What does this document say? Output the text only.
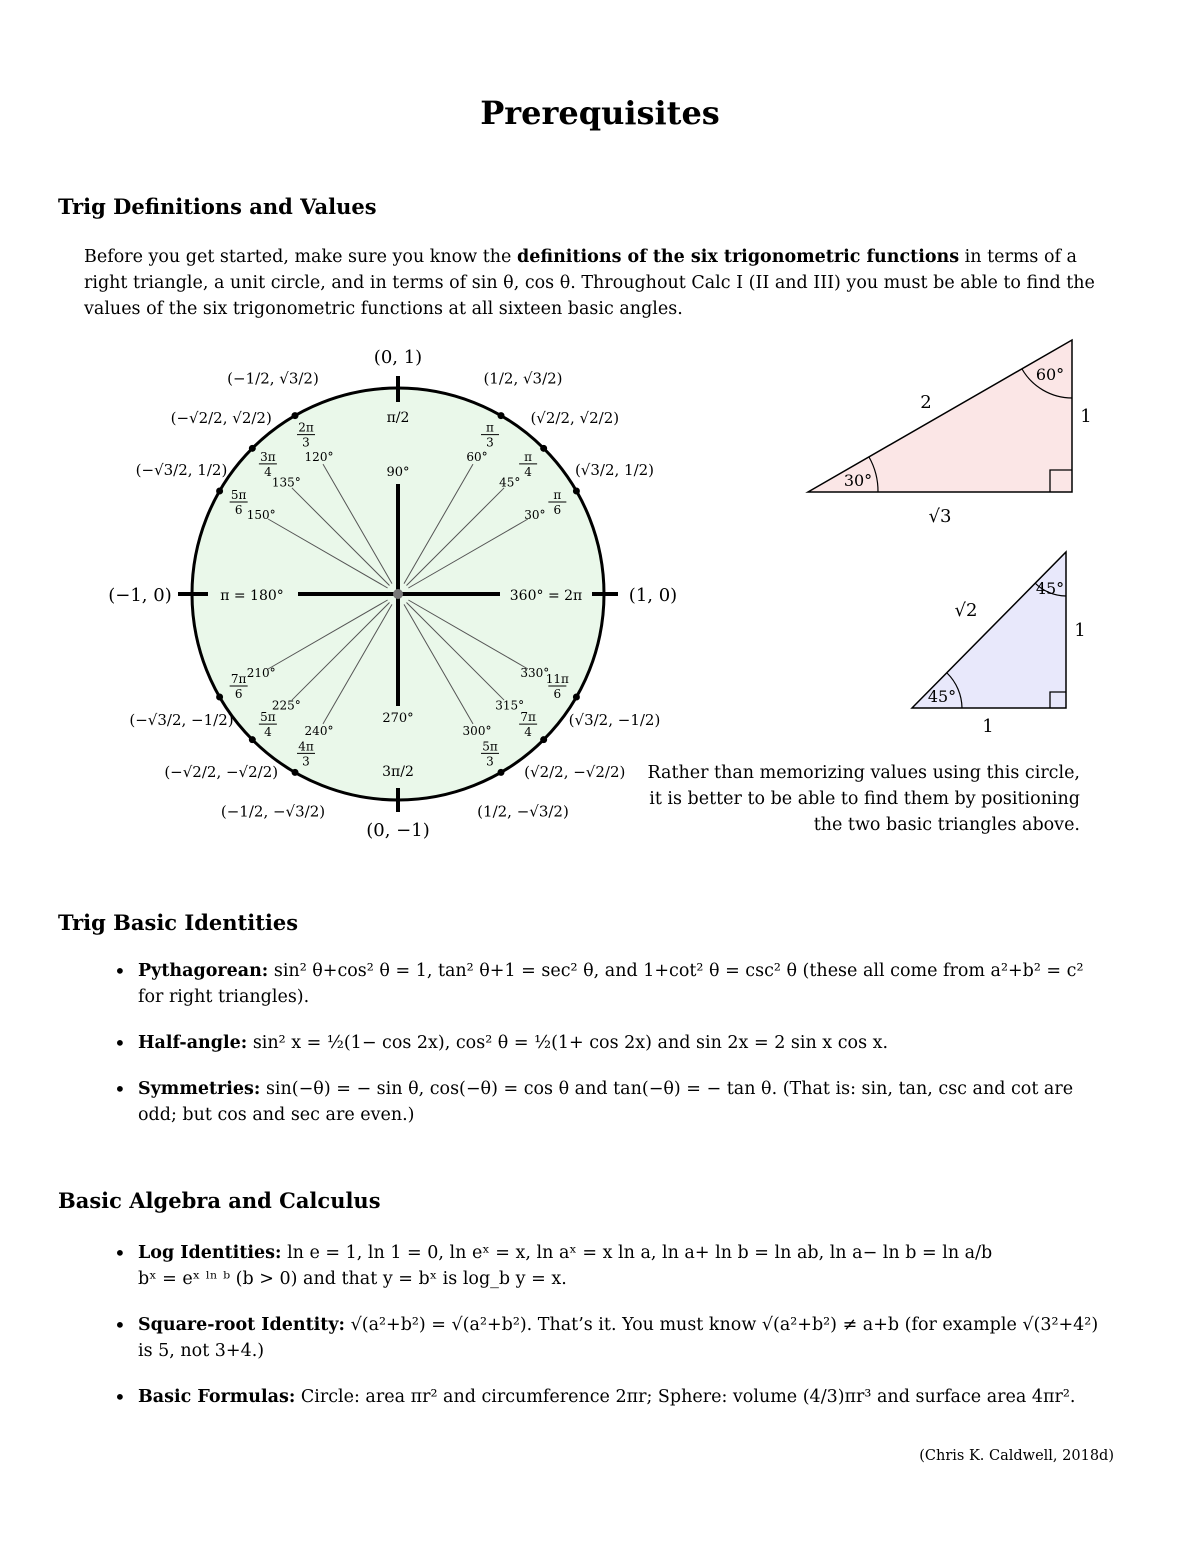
Prerequisites
Trig Definitions and Values
Before you get started, make sure you know the definitions of the six trigonometric functions in terms of a right triangle, a unit circle, and in terms of sin θ, cos θ. Throughout Calc I (II and III) you must be able to find the values of the six trigonometric functions at all sixteen basic angles.
30°
π
6
(√3/2, 1/2)
45°
π
4
(√2/2, √2/2)
60°
π
3
(1/2, √3/2)
120°
2π
3
(−1/2, √3/2)
135°
3π
4
(−√2/2, √2/2)
150°
5π
6
(−√3/2, 1/2)
210°
7π
6
(−√3/2, −1/2)
225°
5π
4
(−√2/2, −√2/2)
240°
4π
3
(−1/2, −√3/2)
300°
5π
3
(1/2, −√3/2)
315°
7π
4
(√2/2, −√2/2)
330°
11π
6
(√3/2, −1/2)
(0, 1)
(0, −1)
(−1, 0)	(1, 0)
π = 180°	360° = 2π
π/2
90°
270°
3π/2
30°
60°
2
1
√3
45°
45°
√2
1
1
Rather than memorizing values using this circle, it is better to be able to find them by positioning the two basic triangles above.
Trig Basic Identities
• Pythagorean: sin² θ+cos² θ = 1, tan² θ+1 = sec² θ, and 1+cot² θ = csc² θ (these all come from a²+b² = c² for right triangles).
• Half-angle: sin² x = ½(1− cos 2x), cos² θ = ½(1+ cos 2x) and sin 2x = 2 sin x cos x.
• Symmetries: sin(−θ) = − sin θ, cos(−θ) = cos θ and tan(−θ) = − tan θ. (That is: sin, tan, csc and cot are odd; but cos and sec are even.)
Basic Algebra and Calculus
• Log Identities: ln e = 1, ln 1 = 0, ln eˣ = x, ln aˣ = x ln a, ln a+ ln b = ln ab, ln a− ln b = ln a/b
bˣ = eˣ ˡⁿ ᵇ (b > 0) and that y = bˣ is log_b y = x.
• Square-root Identity: √(a²+b²) = √(a²+b²). That’s it. You must know √(a²+b²) ≠ a+b (for example √(3²+4²) is 5, not 3+4.)
• Basic Formulas: Circle: area πr² and circumference 2πr; Sphere: volume (4/3)πr³ and surface area 4πr².
(Chris K. Caldwell, 2018d)
